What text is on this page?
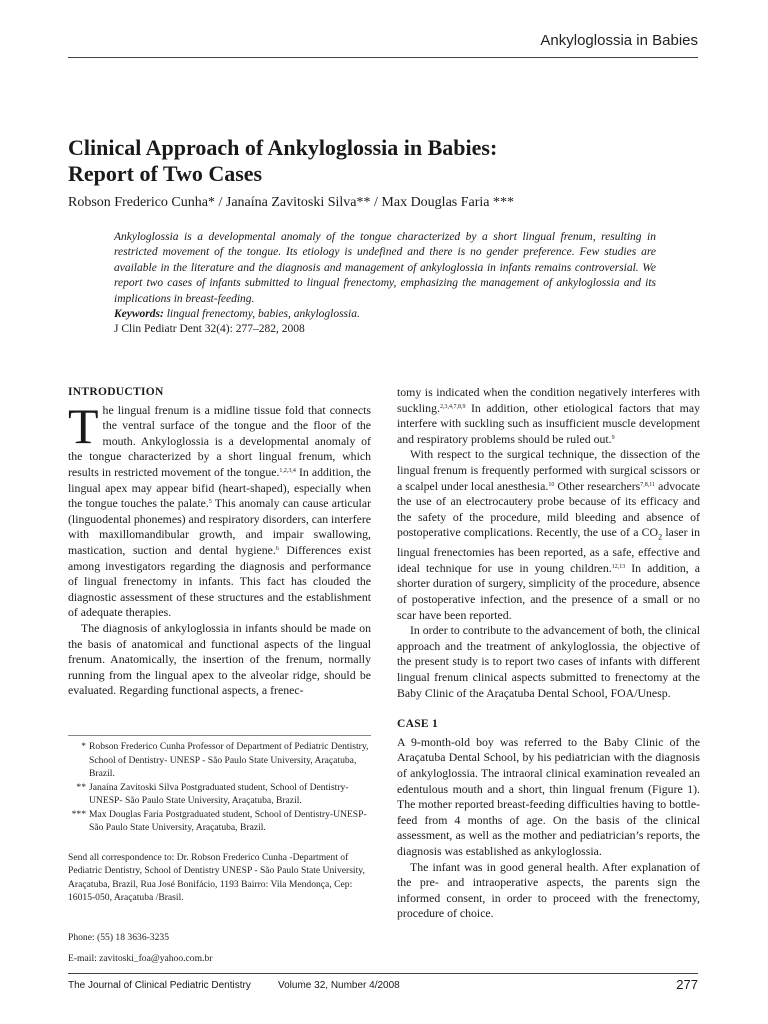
Ankyloglossia in Babies
Clinical Approach of Ankyloglossia in Babies:
Report of Two Cases
Robson Frederico Cunha* / Janaína Zavitoski Silva** / Max Douglas Faria ***
Ankyloglossia is a developmental anomaly of the tongue characterized by a short lingual frenum, resulting in restricted movement of the tongue. Its etiology is undefined and there is no gender preference. Few studies are available in the literature and the diagnosis and management of ankyloglossia in infants remains controversial. We report two cases of infants submitted to lingual frenectomy, emphasizing the management of ankyloglossia and its implications in breast-feeding.
Keywords: lingual frenectomy, babies, ankyloglossia.
J Clin Pediatr Dent 32(4): 277–282, 2008
INTRODUCTION

The lingual frenum is a midline tissue fold that connects the ventral surface of the tongue and the floor of the mouth. Ankyloglossia is a developmental anomaly of the tongue characterized by a short lingual frenum, which results in restricted movement of the tongue.$^{1,2,3,4}$ In addition, the lingual apex may appear bifid (heart-shaped), especially when the tongue touches the palate.$^5$ This anomaly can cause articular (linguodental phonemes) and respiratory disorders, can interfere with maxillomandibular growth, and impair swallowing, mastication, suction and dental hygiene.$^6$ Differences exist among investigators regarding the diagnosis and performance of lingual frenectomy in infants. This fact has clouded the diagnostic assessment of these structures and the establishment of adequate therapies.

The diagnosis of ankyloglossia in infants should be made on the basis of anatomical and functional aspects of the lingual frenum. Anatomically, the insertion of the frenum, normally running from the lingual apex to the alveolar ridge, should be evaluated. Regarding functional aspects, a frenec-

tomy is indicated when the condition negatively interferes with suckling.$^{2,3,4,7,8,9}$ In addition, other etiological factors that may interfere with suckling such as insufficient muscle development and respiratory problems should be ruled out.$^9$

With respect to the surgical technique, the dissection of the lingual frenum is frequently performed with surgical scissors or a scalpel under local anesthesia.$^{10}$ Other researchers$^{7,8,11}$ advocate the use of an electrocautery probe because of its efficacy and the safety of the procedure, mild bleeding and absence of postoperative complications. Recently, the use of a $CO_2$ laser in lingual frenectomies has been reported, as a safe, effective and ideal technique for use in young children.$^{12,13}$ In addition, a shorter duration of surgery, simplicity of the procedure, absence of postoperative infection, and the presence of a small or no scar have been reported.

In order to contribute to the advancement of both, the clinical approach and the treatment of ankyloglossia, the objective of the present study is to report two cases of infants with different lingual frenum clinical aspects submitted to frenectomy at the Baby Clinic of the Araçatuba Dental School, FOA/Unesp.

CASE 1

A 9-month-old boy was referred to the Baby Clinic of the Araçatuba Dental School, by his pediatrician with the diagnosis of ankyloglossia. The intraoral clinical examination revealed an edentulous mouth and a short, thin lingual frenum (Figure 1). The mother reported breast-feeding difficulties having to bottle-feed from 4 months of age. On the basis of the clinical assessment, as well as the mother and pediatrician’s reports, the diagnosis was established as ankyloglossia.

The infant was in good general health. After explanation of the pre- and intraoperative aspects, the parents sign the informed consent, in order to proceed with the frenectomy, procedure of choice.

* Robson Frederico Cunha Professor of Department of Pediatric Dentistry, School of Dentistry- UNESP - São Paulo State University, Araçatuba, Brazil.
** Janaína Zavitoski Silva Postgraduated student, School of Dentistry-UNESP- São Paulo State University, Araçatuba, Brazil.
*** Max Douglas Faria Postgraduated student, School of Dentistry-UNESP- São Paulo State University, Araçatuba, Brazil.
Send all correspondence to: Dr. Robson Frederico Cunha -Department of Pediatric Dentistry, School of Dentistry UNESP - São Paulo State University, Araçatuba, Brazil, Rua José Bonifácio, 1193 Bairro: Vila Mendonça, Cep: 16015-050, Araçatuba /Brasil.
Phone: (55) 18 3636-3235
E-mail: zavitoski_foa@yahoo.com.br
The Journal of Clinical Pediatric Dentistry	Volume 32, Number 4/2008	277
